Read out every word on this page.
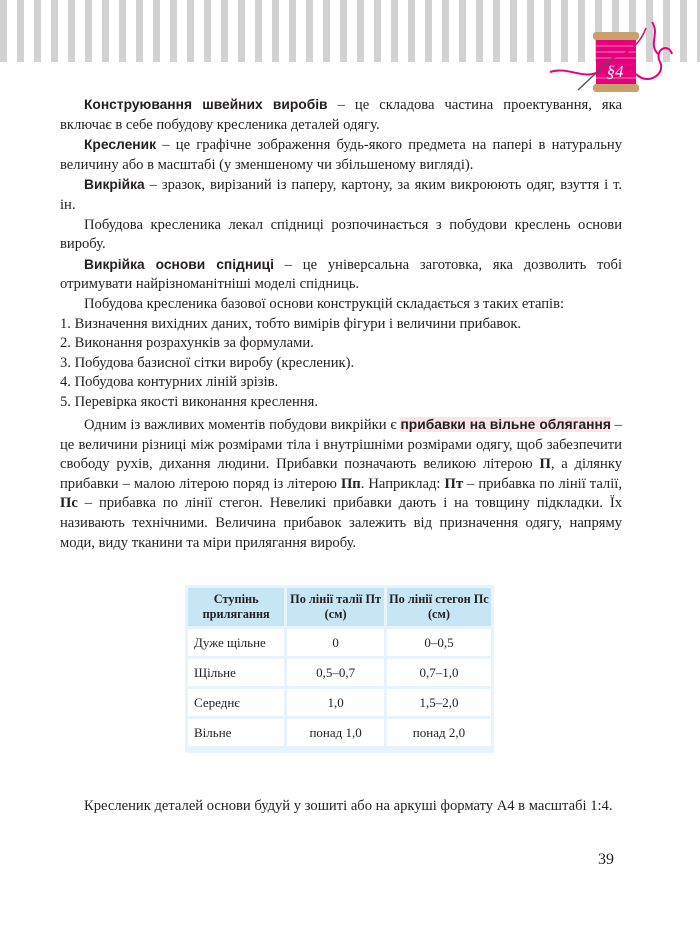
§4

Конструювання швейних виробів – це складова частина проектування, яка включає в себе побудову кресленика деталей одягу.

Кресленик – це графічне зображення будь-якого предмета на папері в натуральну величину або в масштабі (у зменшеному чи збільшеному вигляді).

Викрійка – зразок, вирізаний із паперу, картону, за яким викроюють одяг, взуття і т. ін.

Побудова кресленика лекал спідниці розпочинається з побудови креслень основи виробу.

Викрійка основи спідниці – це універсальна заготовка, яка дозволить тобі отримувати найрізноманітніші моделі спідниць.

Побудова кресленика базової основи конструкцій складається з таких етапів:

1. Визначення вихідних даних, тобто вимірів фігури і величини прибавок.

2. Виконання розрахунків за формулами.

3. Побудова базисної сітки виробу (кресленик).

4. Побудова контурних ліній зрізів.

5. Перевірка якості виконання креслення.

Одним із важливих моментів побудови викрійки є прибавки на вільне облягання – це величини різниці між розмірами тіла і внутрішніми розмірами одягу, щоб забезпечити свободу рухів, дихання людини. Прибавки позначають великою літерою П, а ділянку прибавки – малою літерою поряд із літерою Пп. Наприклад: Пт – прибавка по лінії талії, Пс – прибавка по лінії стегон. Невеликі прибавки дають і на товщину підкладки. Їх називають технічними. Величина прибавок залежить від призначення одягу, напряму моди, виду тканини та міри прилягання виробу.

Ступінь прилягання	По лінії талії Пт (см)	По лінії стегон Пс (см)
Дуже щільне	0	0–0,5
Щільне	0,5–0,7	0,7–1,0
Середнє	1,0	1,5–2,0
Вільне	понад 1,0	понад 2,0

Кресленик деталей основи будуй у зошиті або на аркуші формату А4 в масштабі 1:4.

39
